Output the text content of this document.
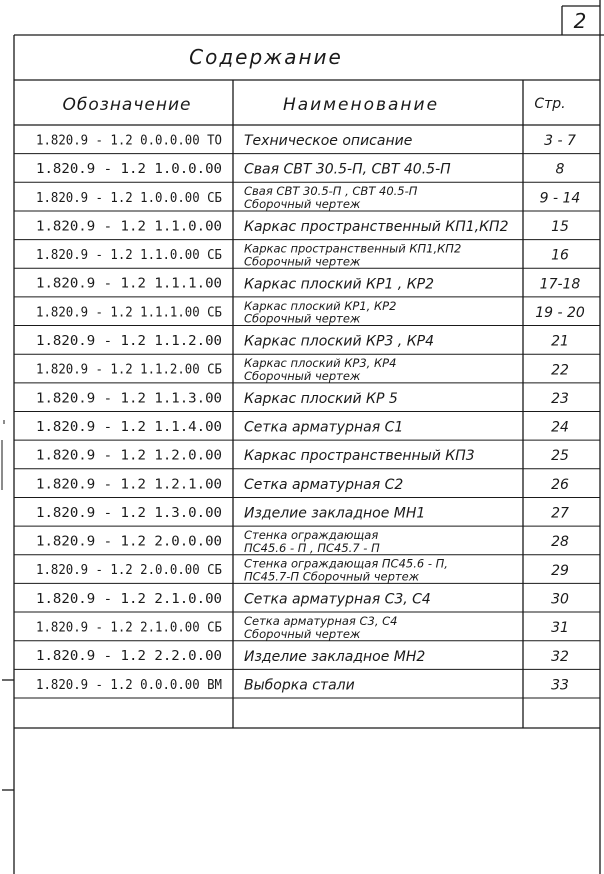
2
Содержание
Обозначение	Наименование	Стр.
1.820.9 - 1.2 0.0.0.00 ТО Техническое описание	3 - 7
1.820.9 - 1.2 1.0.0.00 Свая СВТ 30.5-П, СВТ 40.5-П	8
1.820.9 - 1.2 1.0.0.00 СБ Свая СВТ 30.5-П , СВТ 40.5-П
Сборочный чертеж	9 - 14
1.820.9 - 1.2 1.1.0.00 Каркас пространственный КП1,КП2	15
1.820.9 - 1.2 1.1.0.00 СБ Каркас пространственный КП1,КП2
Сборочный чертеж	16
1.820.9 - 1.2 1.1.1.00 Каркас плоский КР1 , КР2	17-18
1.820.9 - 1.2 1.1.1.00 СБ Каркас плоский КР1, КР2
Сборочный чертеж	19 - 20
1.820.9 - 1.2 1.1.2.00 Каркас плоский КР3 , КР4	21
1.820.9 - 1.2 1.1.2.00 СБ Каркас плоский КР3, КР4
Сборочный чертеж	22
1.820.9 - 1.2 1.1.3.00 Каркас плоский КР 5	23
1.820.9 - 1.2 1.1.4.00 Сетка арматурная С1	24
1.820.9 - 1.2 1.2.0.00 Каркас пространственный КП3	25
1.820.9 - 1.2 1.2.1.00 Сетка арматурная С2	26
1.820.9 - 1.2 1.3.0.00 Изделие закладное МН1	27
1.820.9 - 1.2 2.0.0.00 Стенка ограждающая
ПС45.6 - П , ПС45.7 - П	28
1.820.9 - 1.2 2.0.0.00 СБ Стенка ограждающая ПС45.6 - П,
ПС45.7-П Сборочный чертеж	29
1.820.9 - 1.2 2.1.0.00 Сетка арматурная С3, С4	30
1.820.9 - 1.2 2.1.0.00 СБ Сетка арматурная С3, С4
Сборочный чертеж	31
1.820.9 - 1.2 2.2.0.00 Изделие закладное МН2	32
1.820.9 - 1.2 0.0.0.00 ВМ Выборка стали	33
